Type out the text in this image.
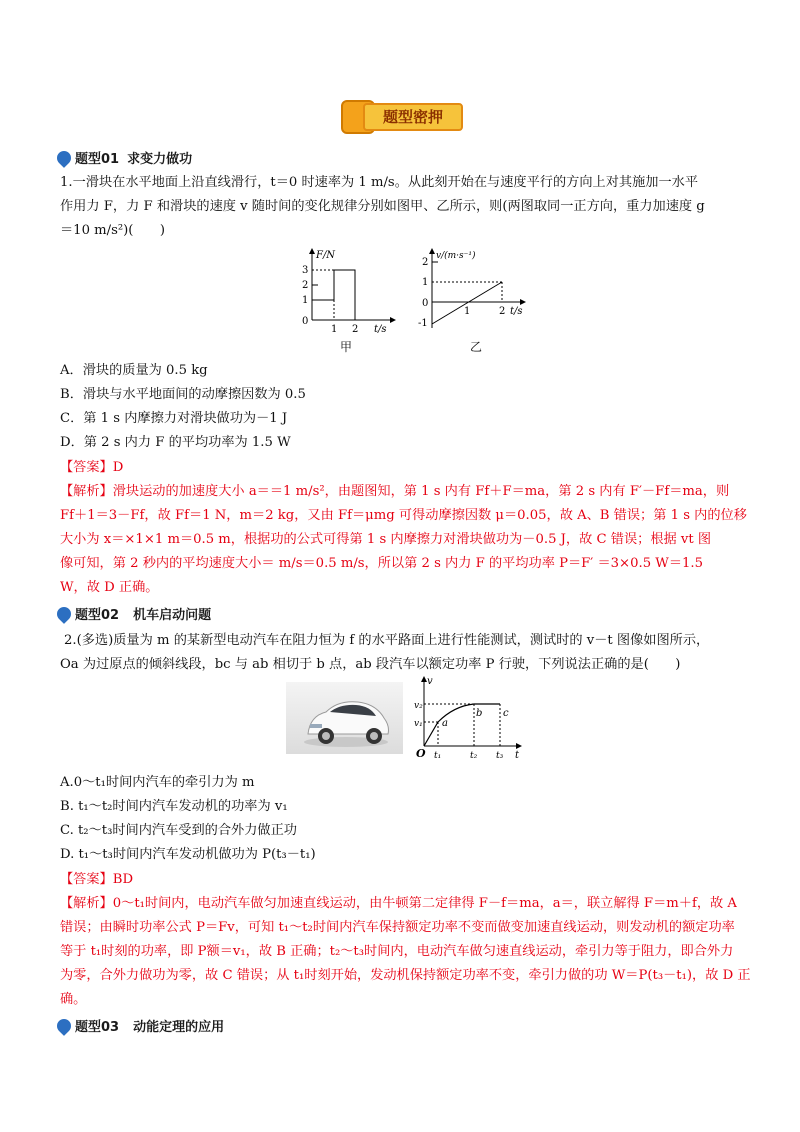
题型密押
题型01 求变力做功
1.一滑块在水平地面上沿直线滑行，t＝0 时速率为 1 m/s。从此刻开始在与速度平行的方向上对其施加一水平
作用力 F，力 F 和滑块的速度 v 随时间的变化规律分别如图甲、乙所示，则(两图取同一正方向，重力加速度 g
＝10 m/s²)(　　)
F/N
3
2
1
0
1 2 t/s
甲
v/(m·s⁻¹)
2
1
0
-1
1	2 t/s
乙
A．滑块的质量为 0.5 kg
B．滑块与水平地面间的动摩擦因数为 0.5
C．第 1 s 内摩擦力对滑块做功为－1 J
D．第 2 s 内力 F 的平均功率为 1.5 W
【答案】D
【解析】滑块运动的加速度大小 a＝＝1 m/s²，由题图知，第 1 s 内有 Ff＋F＝ma，第 2 s 内有 F′－Ff＝ma，则
Ff＋1＝3－Ff，故 Ff＝1 N，m＝2 kg，又由 Ff＝μmg 可得动摩擦因数 μ＝0.05，故 A、B 错误；第 1 s 内的位移
大小为 x＝×1×1 m＝0.5 m，根据功的公式可得第 1 s 内摩擦力对滑块做功为－0.5 J，故 C 错误；根据 vt 图
像可知，第 2 秒内的平均速度大小＝ m/s＝0.5 m/s，所以第 2 s 内力 F 的平均功率 P＝F′ ＝3×0.5 W＝1.5
W，故 D 正确。
题型02 机车启动问题
2.(多选)质量为 m 的某新型电动汽车在阻力恒为 f 的水平路面上进行性能测试，测试时的 v－t 图像如图所示，
Oa 为过原点的倾斜线段，bc 与 ab 相切于 b 点，ab 段汽车以额定功率 P 行驶，下列说法正确的是(　　)
v
v₂
v₁
O t₁	t₂ t₃ t
a
b c
A.0～t₁时间内汽车的牵引力为 m
B. t₁～t₂时间内汽车发动机的功率为 v₁
C. t₂～t₃时间内汽车受到的合外力做正功
D. t₁～t₃时间内汽车发动机做功为 P(t₃－t₁)
【答案】BD
【解析】0～t₁时间内，电动汽车做匀加速直线运动，由牛顿第二定律得 F－f＝ma，a＝，联立解得 F＝m＋f，故 A
错误；由瞬时功率公式 P＝Fv，可知 t₁～t₂时间内汽车保持额定功率不变而做变加速直线运动，则发动机的额定功率
等于 t₁时刻的功率，即 P额＝v₁，故 B 正确；t₂～t₃时间内，电动汽车做匀速直线运动，牵引力等于阻力，即合外力
为零，合外力做功为零，故 C 错误；从 t₁时刻开始，发动机保持额定功率不变，牵引力做的功 W＝P(t₃－t₁)，故 D 正
确。
题型03 动能定理的应用
